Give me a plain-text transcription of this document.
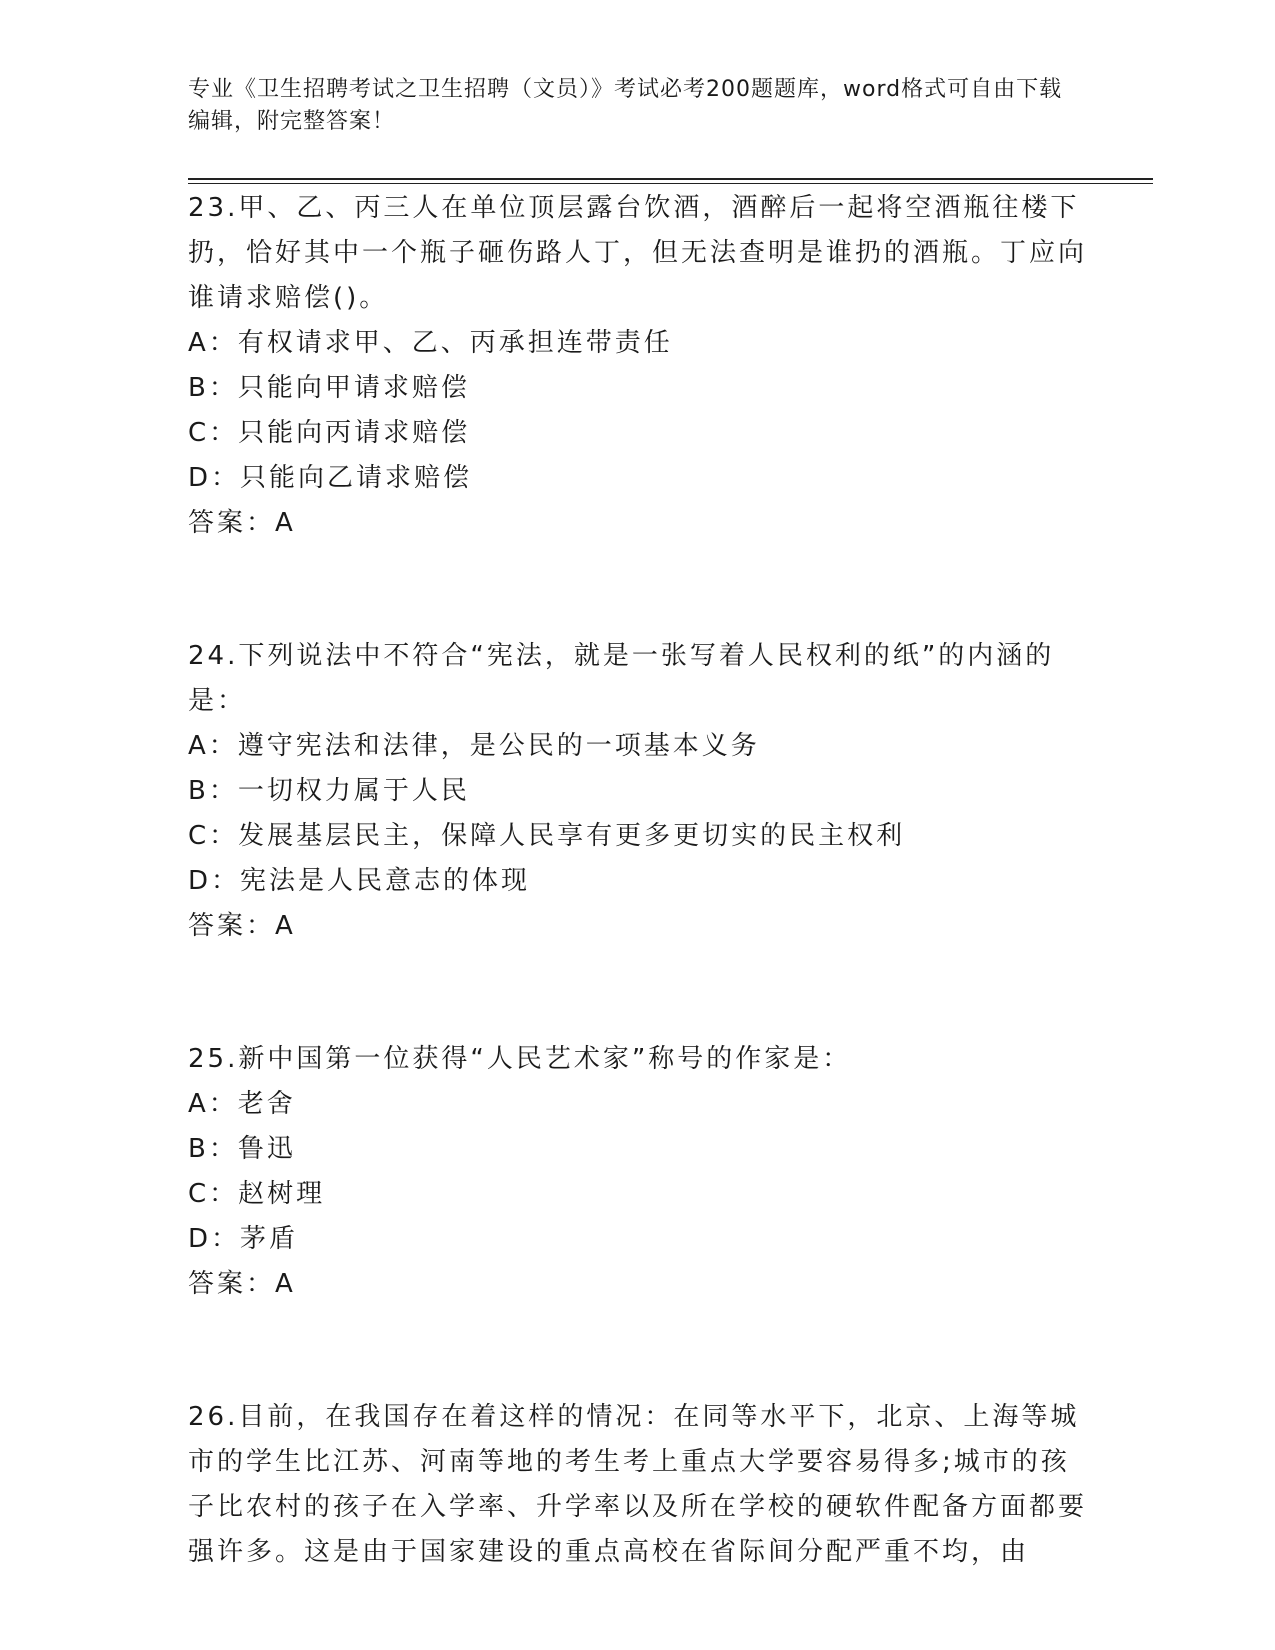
专业《卫生招聘考试之卫生招聘（文员）》考试必考200题题库，word格式可自由下载编辑，附完整答案！

23.甲、乙、丙三人在单位顶层露台饮酒，酒醉后一起将空酒瓶往楼下扔，恰好其中一个瓶子砸伤路人丁，但无法查明是谁扔的酒瓶。丁应向谁请求赔偿()。

A：有权请求甲、乙、丙承担连带责任

B：只能向甲请求赔偿

C：只能向丙请求赔偿

D：只能向乙请求赔偿

答案：A

24.下列说法中不符合“宪法，就是一张写着人民权利的纸”的内涵的是：

A：遵守宪法和法律，是公民的一项基本义务

B：一切权力属于人民

C：发展基层民主，保障人民享有更多更切实的民主权利

D：宪法是人民意志的体现

答案：A

25.新中国第一位获得“人民艺术家”称号的作家是：

A：老舍

B：鲁迅

C：赵树理

D：茅盾

答案：A

26.目前，在我国存在着这样的情况：在同等水平下，北京、上海等城市的学生比江苏、河南等地的考生考上重点大学要容易得多;城市的孩子比农村的孩子在入学率、升学率以及所在学校的硬软件配备方面都要强许多。这是由于国家建设的重点高校在省际间分配严重不均，由
